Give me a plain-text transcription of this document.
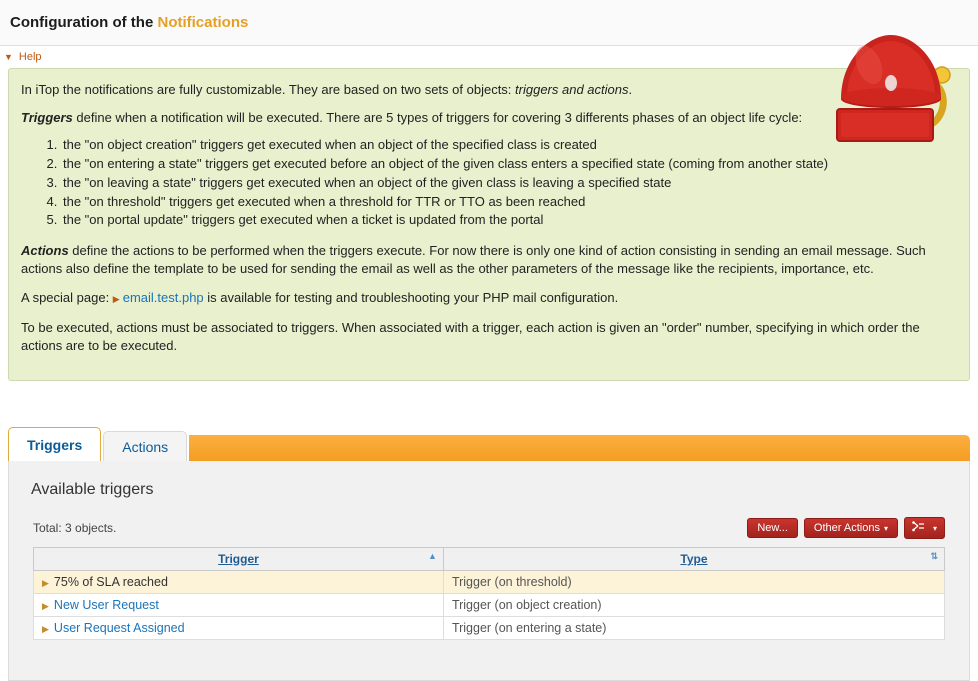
Configuration of the Notifications
▼ Help

In iTop the notifications are fully customizable. They are based on two sets of objects: triggers and actions.

Triggers define when a notification will be executed. There are 5 types of triggers for covering 3 differents phases of an object life cycle:

1. the "on object creation" triggers get executed when an object of the specified class is created
2. the "on entering a state" triggers get executed before an object of the given class enters a specified state (coming from another state)
3. the "on leaving a state" triggers get executed when an object of the given class is leaving a specified state
4. the "on threshold" triggers get executed when a threshold for TTR or TTO as been reached
5. the "on portal update" triggers get executed when a ticket is updated from the portal

Actions define the actions to be performed when the triggers execute. For now there is only one kind of action consisting in sending an email message. Such actions also define the template to be used for sending the email as well as the other parameters of the message like the recipients, importance, etc.

A special page: ▶ email.test.php is available for testing and troubleshooting your PHP mail configuration.

To be executed, actions must be associated to triggers. When associated with a trigger, each action is given an "order" number, specifying in which order the actions are to be executed.

Triggers	Actions
Available triggers
Total: 3 objects.	New...	Other Actions ▾	▾
Trigger ▲	Type ⇅

▶ 75% of SLA reached	Trigger (on threshold)
▶ New User Request	Trigger (on object creation)
▶ User Request Assigned	Trigger (on entering a state)
